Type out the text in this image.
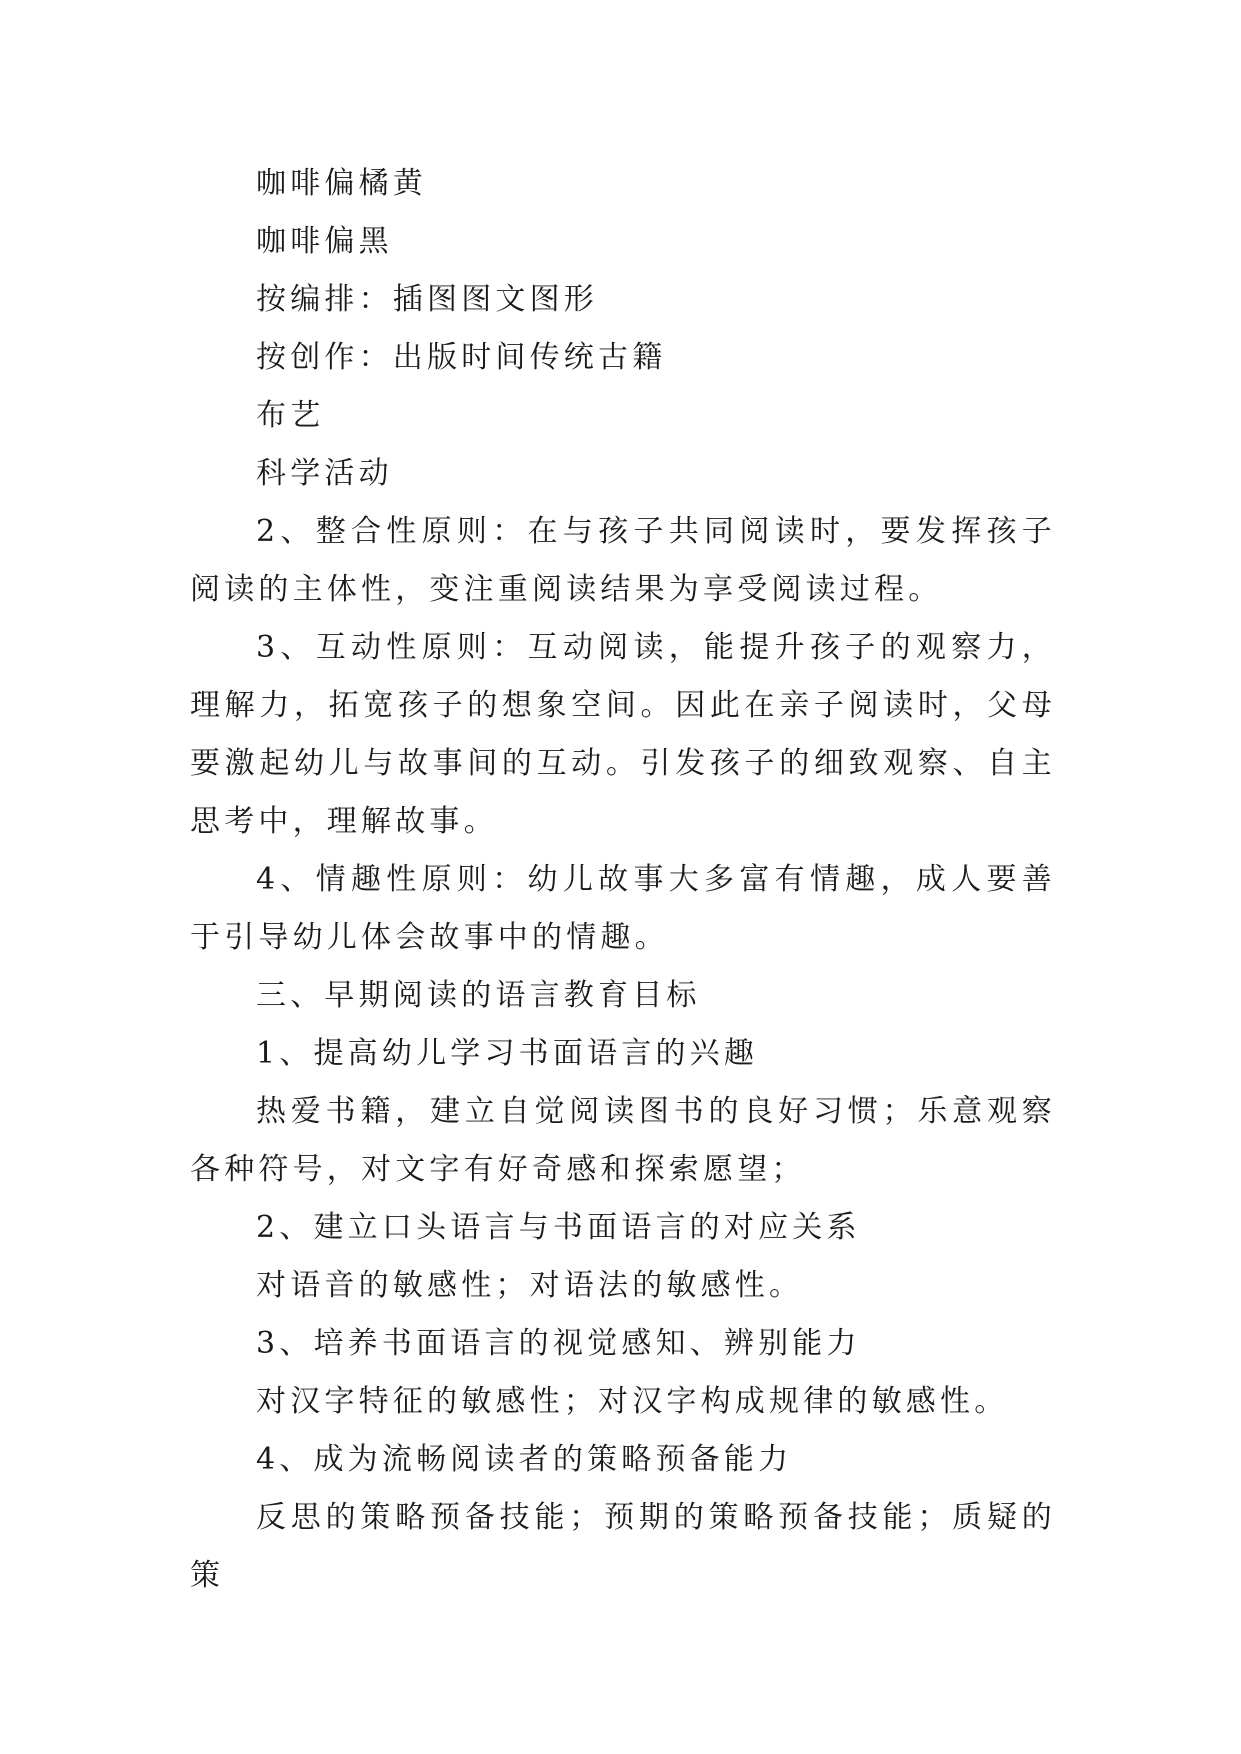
咖啡偏橘黄

咖啡偏黑

按编排：插图图文图形

按创作：出版时间传统古籍

布艺

科学活动

2、整合性原则：在与孩子共同阅读时，要发挥孩子阅读的主体性，变注重阅读结果为享受阅读过程。

3、互动性原则：互动阅读，能提升孩子的观察力，理解力，拓宽孩子的想象空间。因此在亲子阅读时，父母要激起幼儿与故事间的互动。引发孩子的细致观察、自主思考中，理解故事。

4、情趣性原则：幼儿故事大多富有情趣，成人要善于引导幼儿体会故事中的情趣。

三、早期阅读的语言教育目标

1、提高幼儿学习书面语言的兴趣

热爱书籍，建立自觉阅读图书的良好习惯；乐意观察各种符号，对文字有好奇感和探索愿望；

2、建立口头语言与书面语言的对应关系

对语音的敏感性；对语法的敏感性。

3、培养书面语言的视觉感知、辨别能力

对汉字特征的敏感性；对汉字构成规律的敏感性。

4、成为流畅阅读者的策略预备能力

反思的策略预备技能；预期的策略预备技能；质疑的策
